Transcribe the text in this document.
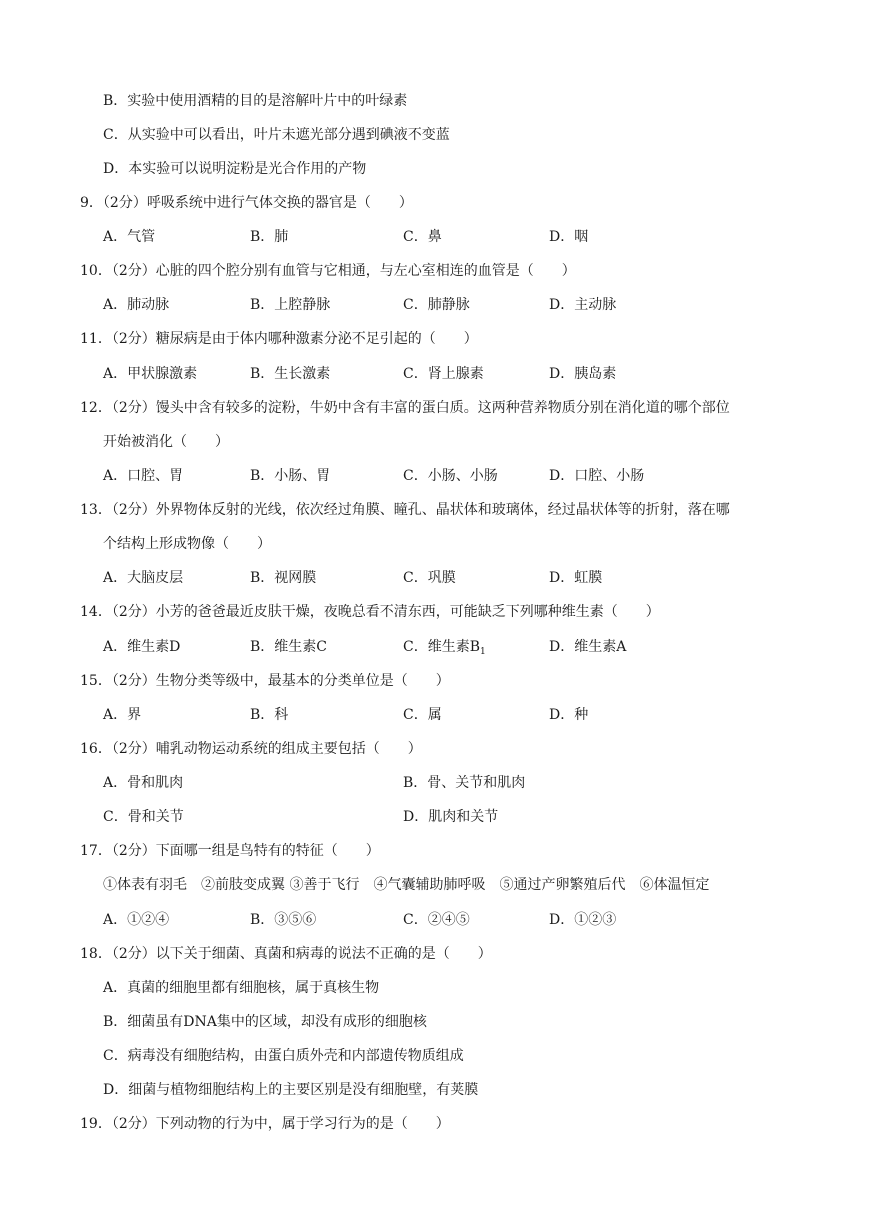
B．实验中使用酒精的目的是溶解叶片中的叶绿素
C．从实验中可以看出，叶片未遮光部分遇到碘液不变蓝
D．本实验可以说明淀粉是光合作用的产物
9．（2分）呼吸系统中进行气体交换的器官是（　　）
A．气管	B．肺	C．鼻	D．咽
10．（2分）心脏的四个腔分别有血管与它相通，与左心室相连的血管是（　　）
A．肺动脉	B．上腔静脉	C．肺静脉	D．主动脉
11．（2分）糖尿病是由于体内哪种激素分泌不足引起的（　　）
A．甲状腺激素	B．生长激素	C．肾上腺素	D．胰岛素
12．（2分）馒头中含有较多的淀粉，牛奶中含有丰富的蛋白质。这两种营养物质分别在消化道的哪个部位
开始被消化（　　）
A．口腔、胃	B．小肠、胃	C．小肠、小肠	D．口腔、小肠
13．（2分）外界物体反射的光线，依次经过角膜、瞳孔、晶状体和玻璃体，经过晶状体等的折射，落在哪
个结构上形成物像（　　）
A．大脑皮层	B．视网膜	C．巩膜	D．虹膜
14．（2分）小芳的爸爸最近皮肤干燥，夜晚总看不清东西，可能缺乏下列哪种维生素（　　）
A．维生素D	B．维生素C	C．维生素$B_1$	D．维生素A
15．（2分）生物分类等级中，最基本的分类单位是（　　）
A．界	B．科	C．属	D．种
16．（2分）哺乳动物运动系统的组成主要包括（　　）
A．骨和肌肉	B．骨、关节和肌肉
C．骨和关节	D．肌肉和关节
17．（2分）下面哪一组是鸟特有的特征（　　）
①体表有羽毛　②前肢变成翼 ③善于飞行　④气囊辅助肺呼吸　⑤通过产卵繁殖后代　⑥体温恒定
A．①②④	B．③⑤⑥	C．②④⑤	D．①②③
18．（2分）以下关于细菌、真菌和病毒的说法不正确的是（　　）
A．真菌的细胞里都有细胞核，属于真核生物
B．细菌虽有DNA集中的区域，却没有成形的细胞核
C．病毒没有细胞结构，由蛋白质外壳和内部遗传物质组成
D．细菌与植物细胞结构上的主要区别是没有细胞壁，有荚膜
19．（2分）下列动物的行为中，属于学习行为的是（　　）
